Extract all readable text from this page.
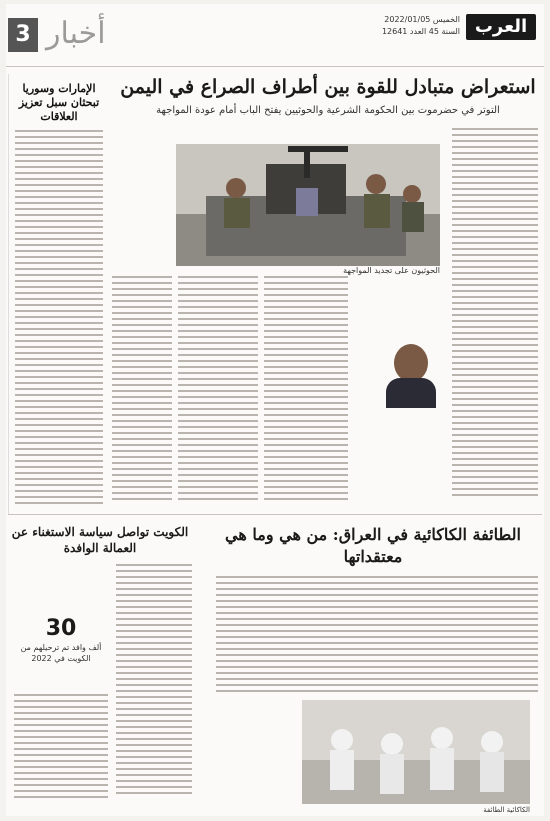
العرب
الخميس 2022/01/05
السنة 45 العدد 12641
أخبار
3
استعراض متبادل للقوة بين أطراف الصراع في اليمن
التوتر في حضرموت بين الحكومة الشرعية والحوثيين يفتح الباب أمام عودة المواجهة
الإمارات وسوريا تبحثان سبل تعزيز العلاقات
الحوثيون على تجديد المواجهة
الطائفة الكاكائية في العراق: من هي وما هي معتقداتها
الكاكائية الطائفة
الكويت تواصل سياسة الاستغناء عن العمالة الوافدة
30
ألف وافد تم ترحيلهم من الكويت في 2022
